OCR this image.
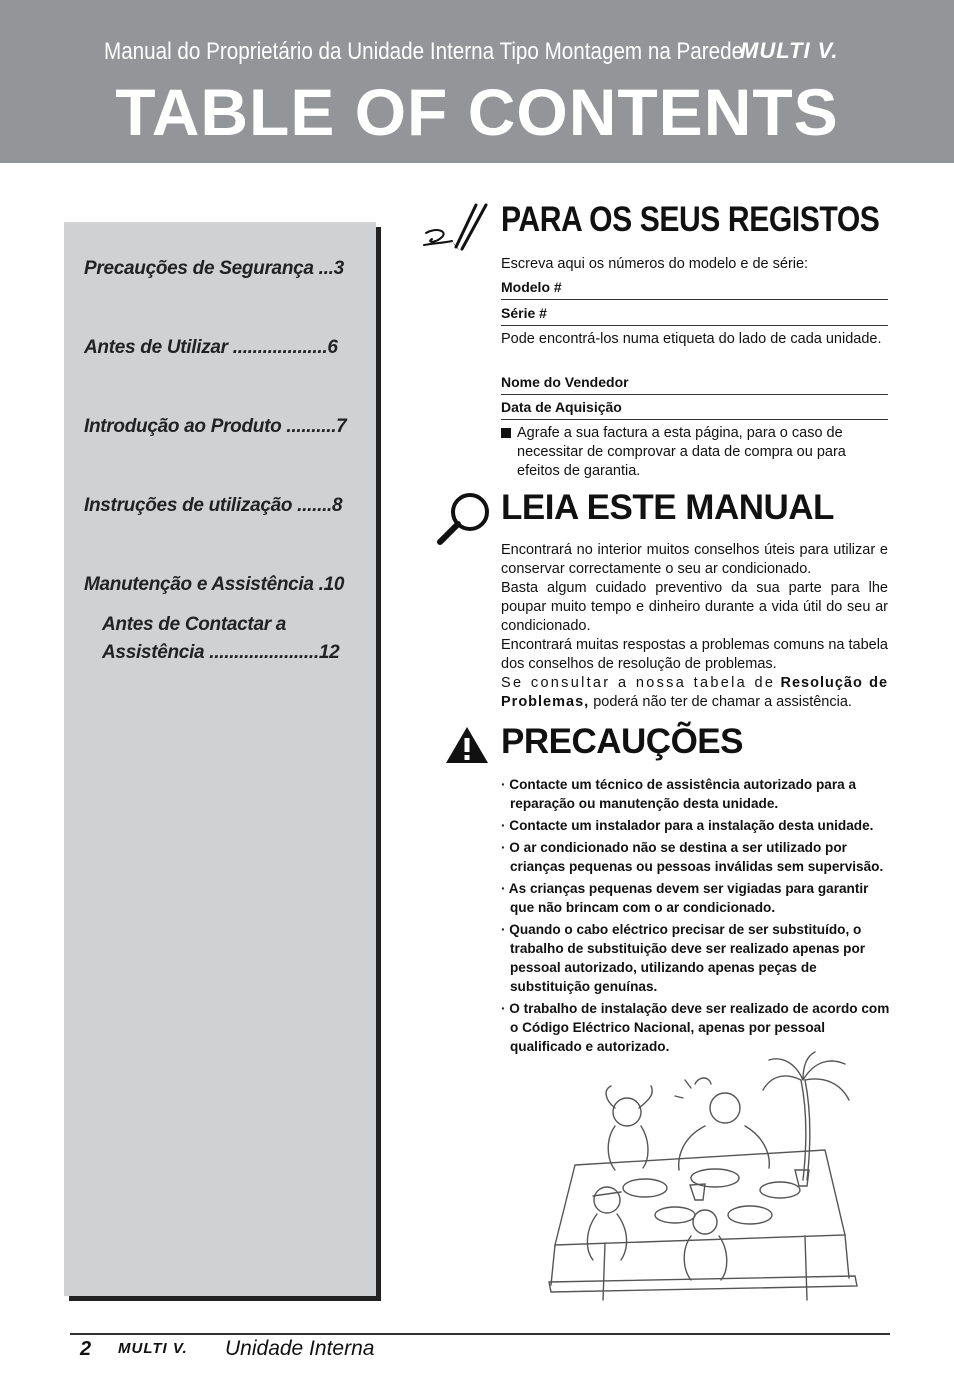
Manual do Proprietário da Unidade Interna Tipo Montagem na Parede
MULTI V.
TABLE OF CONTENTS
Precauções de Segurança ...3
Antes de Utilizar ...................6
Introdução ao Produto ..........7
Instruções de utilização .......8
Manutenção e Assistência .10
Antes de Contactar a Assistência ......................12
PARA OS SEUS REGISTOS
Escreva aqui os números do modelo e de série:
Modelo #
Série #
Pode encontrá-los numa etiqueta do lado de cada unidade.
Nome do Vendedor
Data de Aquisição
Agrafe a sua factura a esta página, para o caso de necessitar de comprovar a data de compra ou para efeitos de garantia.
LEIA ESTE MANUAL
Encontrará no interior muitos conselhos úteis para utilizar e conservar correctamente o seu ar condicionado.
Basta algum cuidado preventivo da sua parte para lhe poupar muito tempo e dinheiro durante a vida útil do seu ar condicionado.
Encontrará muitas respostas a problemas comuns na tabela dos conselhos de resolução de problemas.
Se consultar a nossa tabela de Resolução de Problemas, poderá não ter de chamar a assistência.
PRECAUÇÕES
· Contacte um técnico de assistência autorizado para a reparação ou manutenção desta unidade.
· Contacte um instalador para a instalação desta unidade.
· O ar condicionado não se destina a ser utilizado por crianças pequenas ou pessoas inválidas sem supervisão.
· As crianças pequenas devem ser vigiadas para garantir que não brincam com o ar condicionado.
· Quando o cabo eléctrico precisar de ser substituído, o trabalho de substituição deve ser realizado apenas por pessoal autorizado, utilizando apenas peças de substituição genuínas.
· O trabalho de instalação deve ser realizado de acordo com o Código Eléctrico Nacional, apenas por pessoal qualificado e autorizado.
2 MULTI V. Unidade Interna
